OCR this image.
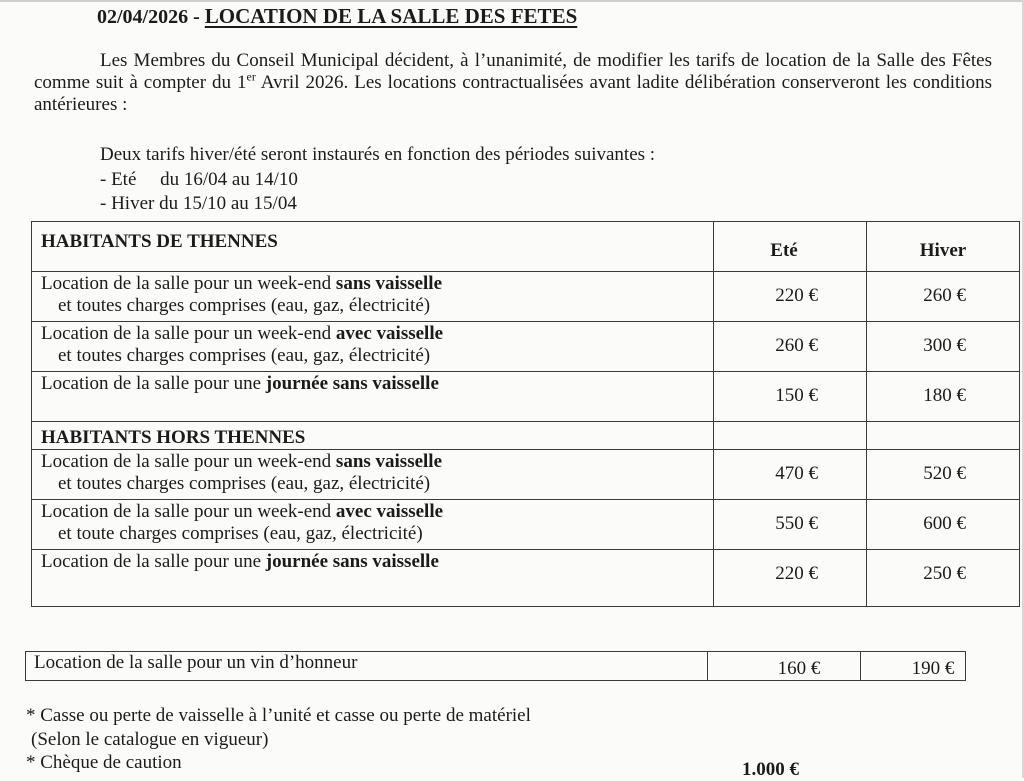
02/04/2026 - LOCATION DE LA SALLE DES FETES
Les Membres du Conseil Municipal décident, à l’unanimité, de modifier les tarifs de location de la Salle des Fêtes comme suit à compter du 1er Avril 2026. Les locations contractualisées avant ladite délibération conserveront les conditions antérieures :
Deux tarifs hiver/été seront instaurés en fonction des périodes suivantes :
- Eté     du 16/04 au 14/10
- Hiver du 15/10 au 15/04
HABITANTS DE THENNES	Eté	Hiver

Location de la salle pour un week-end sans vaisselle
et toutes charges comprises (eau, gaz, électricité)	220 €	260 €

Location de la salle pour un week-end avec vaisselle
et toutes charges comprises (eau, gaz, électricité)	260 €	300 €

Location de la salle pour une journée sans vaisselle	150 €	180 €

HABITANTS HORS THENNES		

Location de la salle pour un week-end sans vaisselle
et toutes charges comprises (eau, gaz, électricité)	470 €	520 €

Location de la salle pour un week-end avec vaisselle
et toute charges comprises (eau, gaz, électricité)	550 €	600 €

Location de la salle pour une journée sans vaisselle	220 €	250 €
Location de la salle pour un vin d’honneur	160 €	190 €
* Casse ou perte de vaisselle à l’unité et casse ou perte de matériel
(Selon le catalogue en vigueur)
* Chèque de caution	1.000 €
